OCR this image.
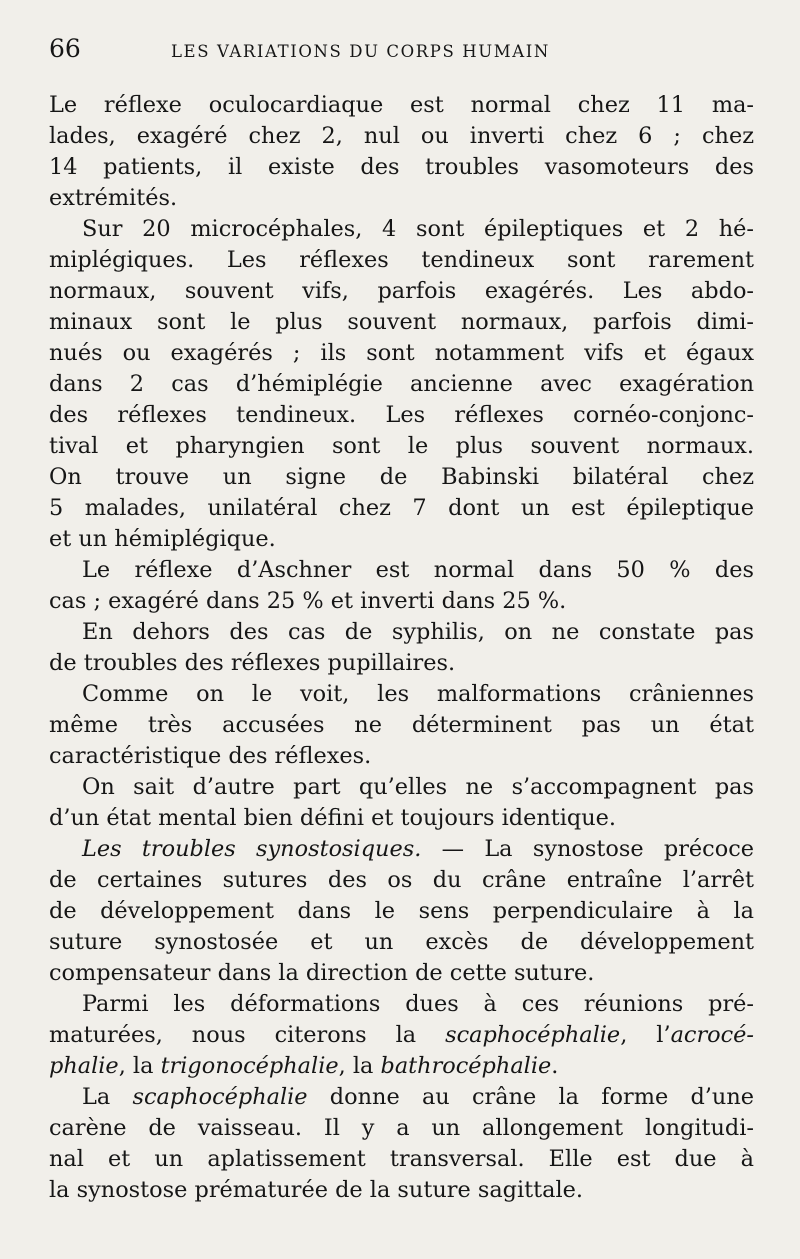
66	LES VARIATIONS DU CORPS HUMAIN
Le réflexe oculocardiaque est normal chez 11 ma-
lades, exagéré chez 2, nul ou inverti chez 6 ; chez
14 patients, il existe des troubles vasomoteurs des
extrémités.
Sur 20 microcéphales, 4 sont épileptiques et 2 hé-
miplégiques. Les réflexes tendineux sont rarement
normaux, souvent vifs, parfois exagérés. Les abdo-
minaux sont le plus souvent normaux, parfois dimi-
nués ou exagérés ; ils sont notamment vifs et égaux
dans 2 cas d’hémiplégie ancienne avec exagération
des réflexes tendineux. Les réflexes cornéo-conjonc-
tival et pharyngien sont le plus souvent normaux.
On trouve un signe de Babinski bilatéral chez
5 malades, unilatéral chez 7 dont un est épileptique
et un hémiplégique.
Le réflexe d’Aschner est normal dans 50 % des
cas ; exagéré dans 25 % et inverti dans 25 %.
En dehors des cas de syphilis, on ne constate pas
de troubles des réflexes pupillaires.
Comme on le voit, les malformations crâniennes
même très accusées ne déterminent pas un état
caractéristique des réflexes.
On sait d’autre part qu’elles ne s’accompagnent pas
d’un état mental bien défini et toujours identique.
Les troubles synostosiques. — La synostose précoce
de certaines sutures des os du crâne entraîne l’arrêt
de développement dans le sens perpendiculaire à la
suture synostosée et un excès de développement
compensateur dans la direction de cette suture.
Parmi les déformations dues à ces réunions pré-
maturées, nous citerons la scaphocéphalie, l’acrocé-
phalie, la trigonocéphalie, la bathrocéphalie.
La scaphocéphalie donne au crâne la forme d’une
carène de vaisseau. Il y a un allongement longitudi-
nal et un aplatissement transversal. Elle est due à
la synostose prématurée de la suture sagittale.
